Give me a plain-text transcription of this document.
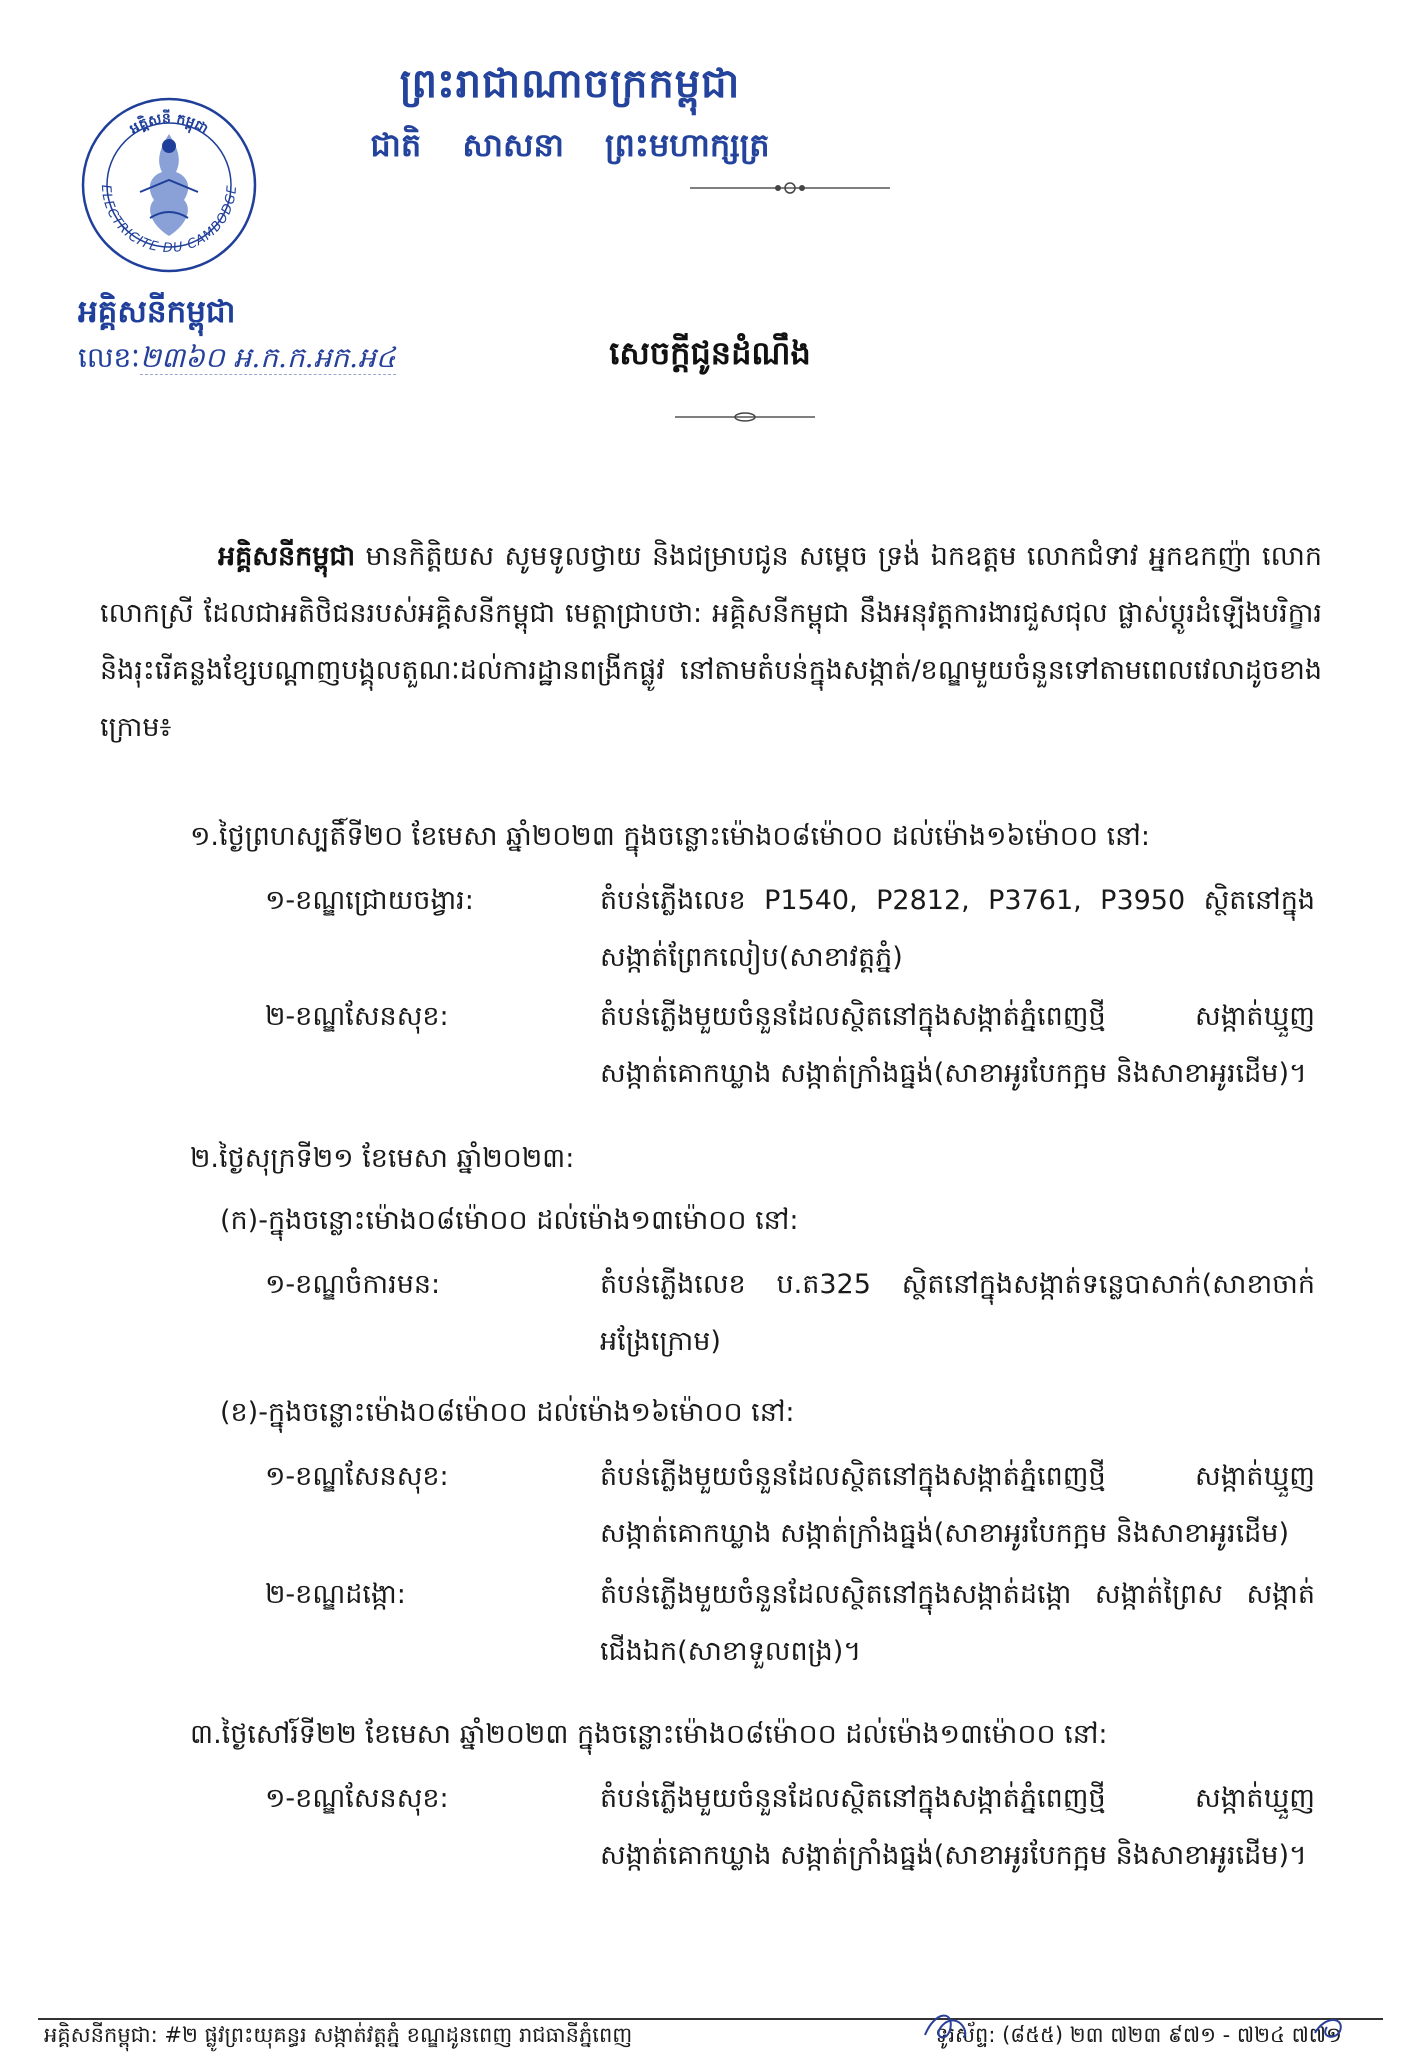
ព្រះរាជាណាចក្រកម្ពុជា
ជាតិ សាសនា ព្រះមហាក្សត្រ
ELECTRICITE DU CAMBODGE
អគ្គិសនី កម្ពុជា
អគ្គិសនីកម្ពុជា
លេខៈ២៣៦០ អ.ក.ក.អក.អ៤	សេចក្តីជូនដំណឹង
អគ្គិសនីកម្ពុជា មានកិត្តិយស សូមទូលថ្វាយ និងជម្រាបជូន សម្តេច ទ្រង់ ឯកឧត្តម លោកជំទាវ អ្នកឧកញ៉ា លោក លោកស្រី ដែលជាអតិថិជនរបស់អគ្គិសនីកម្ពុជា មេត្តាជ្រាបថា: អគ្គិសនីកម្ពុជា នឹងអនុវត្តការងារជួសជុល ផ្លាស់ប្តូរដំឡើងបរិក្ខារ និងរុះរើគន្លងខ្សែបណ្តាញបង្គុលតួណៈដល់ការដ្ឋានពង្រីកផ្លូវ នៅតាមតំបន់ក្នុងសង្កាត់/ខណ្ឌមួយចំនួនទៅតាមពេលវេលាដូចខាងក្រោម៖
១.ថ្ងៃព្រហស្បតិ៍ទី២០ ខែមេសា ឆ្នាំ២០២៣ ក្នុងចន្លោះម៉ោង០៨ម៉ោ០០ ដល់ម៉ោង១៦ម៉ោ០០ នៅ:
១-ខណ្ឌជ្រោយចង្វារ:	តំបន់ភ្លើងលេខ P1540, P2812, P3761, P3950 ស្ថិតនៅក្នុងសង្កាត់ព្រែកលៀប(សាខាវត្តភ្នំ)
២-ខណ្ឌសែនសុខ:	តំបន់ភ្លើងមួយចំនួនដែលស្ថិតនៅក្នុងសង្កាត់ភ្នំពេញថ្មី សង្កាត់ឃ្មួញ សង្កាត់គោកឃ្លាង សង្កាត់ក្រាំងធ្នង់(សាខាអូរបែកក្អម និងសាខាអូរដើម)។
២.ថ្ងៃសុក្រទី២១ ខែមេសា ឆ្នាំ២០២៣:
(ក)-ក្នុងចន្លោះម៉ោង០៨ម៉ោ០០ ដល់ម៉ោង១៣ម៉ោ០០ នៅ:
១-ខណ្ឌចំការមន:	តំបន់ភ្លើងលេខ ប.ត325 ស្ថិតនៅក្នុងសង្កាត់ទន្លេបាសាក់(សាខាចាក់អង្រែក្រោម)
(ខ)-ក្នុងចន្លោះម៉ោង០៨ម៉ោ០០ ដល់ម៉ោង១៦ម៉ោ០០ នៅ:
១-ខណ្ឌសែនសុខ:	តំបន់ភ្លើងមួយចំនួនដែលស្ថិតនៅក្នុងសង្កាត់ភ្នំពេញថ្មី សង្កាត់ឃ្មួញ សង្កាត់គោកឃ្លាង សង្កាត់ក្រាំងធ្នង់(សាខាអូរបែកក្អម និងសាខាអូរដើម)
២-ខណ្ឌដង្កោ:	តំបន់ភ្លើងមួយចំនួនដែលស្ថិតនៅក្នុងសង្កាត់ដង្កោ សង្កាត់ព្រៃស សង្កាត់ជើងឯក(សាខាទួលពង្រ)។
៣.ថ្ងៃសៅរ៍ទី២២ ខែមេសា ឆ្នាំ២០២៣ ក្នុងចន្លោះម៉ោង០៨ម៉ោ០០ ដល់ម៉ោង១៣ម៉ោ០០ នៅ:
១-ខណ្ឌសែនសុខ:	តំបន់ភ្លើងមួយចំនួនដែលស្ថិតនៅក្នុងសង្កាត់ភ្នំពេញថ្មី សង្កាត់ឃ្មួញ សង្កាត់គោកឃ្លាង សង្កាត់ក្រាំងធ្នង់(សាខាអូរបែកក្អម និងសាខាអូរដើម)។
អគ្គិសនីកម្ពុជា: #២ ផ្លូវព្រះយុគន្ធរ សង្កាត់វត្តភ្នំ ខណ្ឌដូនពេញ រាជធានីភ្នំពេញ	ទូរស័ព្ទ: (៨៥៥) ២៣ ៧២៣ ៩៧១ - ៧២៤ ៧៧១
